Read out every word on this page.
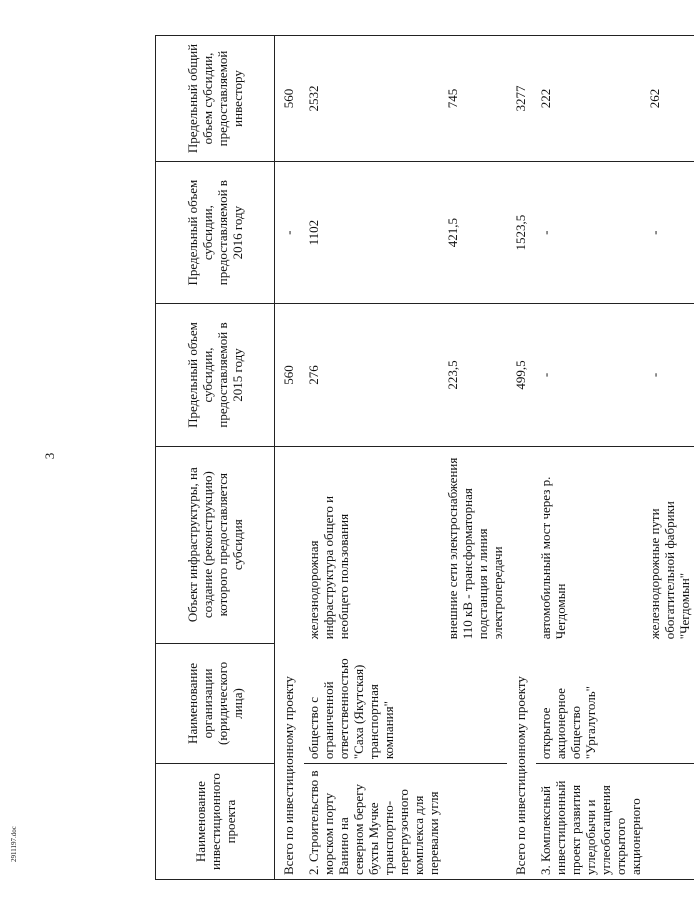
3
2911197.doc	Наименование инвестиционного проекта	Наименование организации (юридического лица)	Объект инфраструктуры, на создание (реконструкцию) которого предоставляется субсидия	Предельный объем субсидии, предоставляемой в 2015 году	Предельный объем субсидии, предоставляемой в 2016 году	Предельный общий объем субсидии, предоставляемой инвестору
Всего по инвестиционному проекту			560	-	560
2. Строительство в морском порту Ванино на северном берегу бухты Мучке транспортно-перегрузочного комплекса для перевалки угля	общество с ограниченной ответственностью "Саха (Якутская) транспортная компания"	железнодорожная инфраструктура общего и необщего пользования	276	1102	2532
		внешние сети электроснабжения 110 кВ - трансформаторная подстанция и линия электропередачи	223,5	421,5	745
Всего по инвестиционному проекту			499,5	1523,5	3277
3. Комплексный инвестиционный проект развития угледобычи и углеобогащения открытого акционерного	открытое акционерное общество "Ургалуголь"	автомобильный мост через р. Чегдомын	-	-	222
		железнодорожные пути обогатительной фабрики "Чегдомын"	-	-	262
